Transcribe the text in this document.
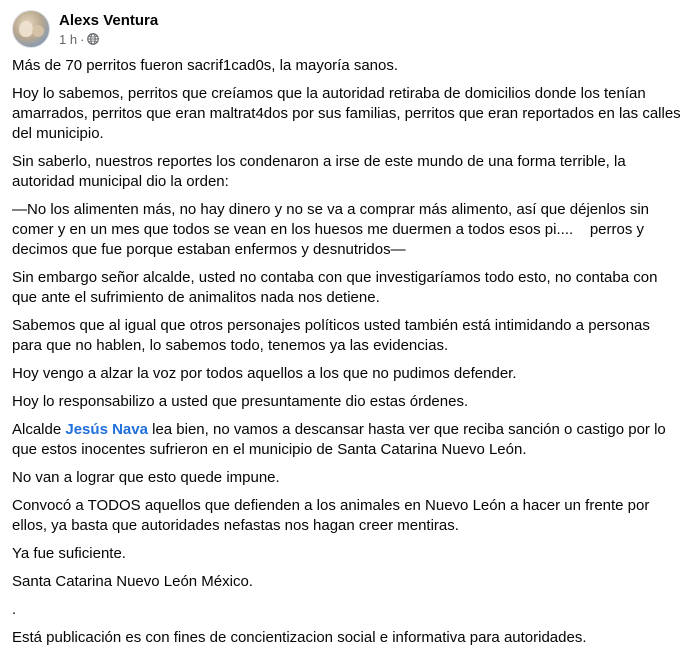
Alexs Ventura
1 h ·

Más de 70 perritos fueron sacrif1cad0s, la mayoría sanos.

Hoy lo sabemos, perritos que creíamos que la autoridad retiraba de domicilios donde los tenían amarrados, perritos que eran maltrat4dos por sus familias, perritos que eran reportados en las calles del municipio.

Sin saberlo, nuestros reportes los condenaron a irse de este mundo de una forma terrible, la autoridad municipal dio la orden:

—No los alimenten más, no hay dinero y no se va a comprar más alimento, así que déjenlos sin comer y en un mes que todos se vean en los huesos me duermen a todos esos pi....    perros y decimos que fue porque estaban enfermos y desnutridos—

Sin embargo señor alcalde, usted no contaba con que investigaríamos todo esto, no contaba con que ante el sufrimiento de animalitos nada nos detiene.

Sabemos que al igual que otros personajes políticos usted también está intimidando a personas para que no hablen, lo sabemos todo, tenemos ya las evidencias.

Hoy vengo a alzar la voz por todos aquellos a los que no pudimos defender.

Hoy lo responsabilizo a usted que presuntamente dio estas órdenes.

Alcalde Jesús Nava lea bien, no vamos a descansar hasta ver que reciba sanción o castigo por lo que estos inocentes sufrieron en el municipio de Santa Catarina Nuevo León.

No van a lograr que esto quede impune.

Convocó a TODOS aquellos que defienden a los animales en Nuevo León a hacer un frente por ellos, ya basta que autoridades nefastas nos hagan creer mentiras.

Ya fue suficiente.

Santa Catarina Nuevo León México.

.

Está publicación es con fines de concientizacion social e informativa para autoridades.
